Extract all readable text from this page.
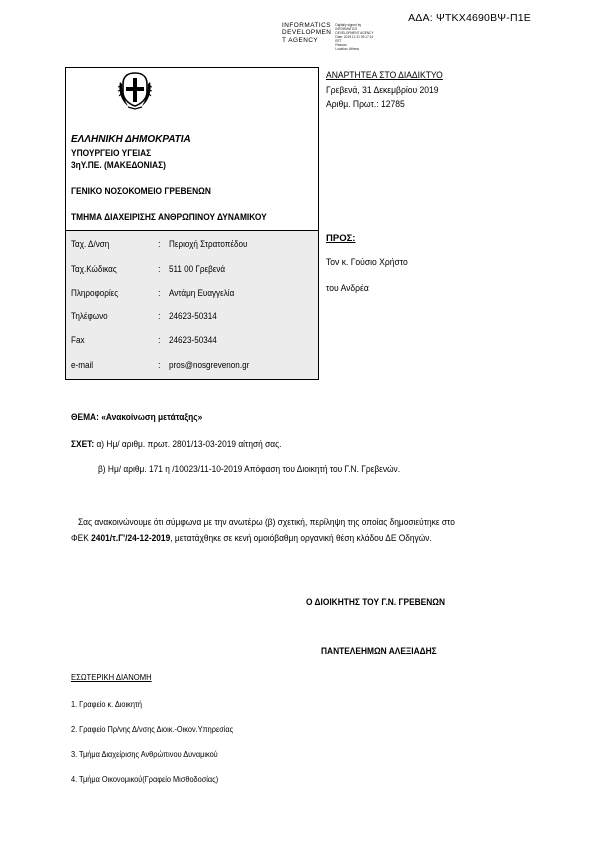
ΑΔΑ: ΨΤΚΧ4690ΒΨ-Π1Ε
INFORMATICS
DEVELOPMEN
T AGENCY
Digitally signed by
INFORMATICS
DEVELOPMENT AGENCY
Date: 2019.12.31 09:17:14
EET
Reason:
Location: Athens
ΕΛΛΗΝΙΚΗ ΔΗΜΟΚΡΑΤΙΑ
ΥΠΟΥΡΓΕΙΟ ΥΓΕΙΑΣ
3ηΥ.ΠΕ. (ΜΑΚΕΔΟΝΙΑΣ)
ΓΕΝΙΚΟ ΝΟΣΟΚΟΜΕΙΟ ΓΡΕΒΕΝΩΝ
ΤΜΗΜΑ ΔΙΑΧΕΙΡΙΣΗΣ ΑΝΘΡΩΠΙΝΟΥ ΔΥΝΑΜΙΚΟΥ
Ταχ. Δ/νση	: Περιοχή Στρατοπέδου
Ταχ.Κώδικας	: 511 00 Γρεβενά
Πληροφορίες	: Αντάμη Ευαγγελία
Τηλέφωνο	: 24623-50314
Fax	: 24623-50344
e-mail	: pros@nosgrevenon.gr
ΑΝΑΡΤΗΤΕΑ ΣΤΟ ΔΙΑΔΙΚΤΥΟ
Γρεβενά, 31 Δεκεμβρίου 2019
Αριθμ. Πρωτ.: 12785
ΠΡΟΣ:
Τον κ. Γούσιο Χρήστο
του Ανδρέα
ΘΕΜΑ: «Ανακοίνωση μετάταξης»
ΣΧΕΤ: α) Ημ/ αριθμ. πρωτ. 2801/13-03-2019 αίτησή σας.
β) Ημ/ αριθμ. 171 η /10023/11-10-2019 Απόφαση του Διοικητή του Γ.Ν. Γρεβενών.
Σας ανακοινώνουμε ότι σύμφωνα με την ανωτέρω (β) σχετική, περίληψη της οποίας δημοσιεύτηκε στο
ΦΕΚ 2401/τ.Γ'/24-12-2019, μετατάχθηκε σε κενή ομοιόβαθμη οργανική θέση κλάδου ΔΕ Οδηγών.
Ο ΔΙΟΙΚΗΤΗΣ ΤΟΥ Γ.Ν. ΓΡΕΒΕΝΩΝ
ΠΑΝΤΕΛΕΗΜΩΝ ΑΛΕΞΙΑΔΗΣ
ΕΣΩΤΕΡΙΚΗ ΔΙΑΝΟΜΗ
1. Γραφείο κ. Διοικητή
2. Γραφείο Πρ/νης Δ/νσης Διοικ.-Οικον.Υπηρεσίας
3. Τμήμα Διαχείρισης Ανθρώπινου Δυναμικού
4. Τμήμα Οικονομικού(Γραφείο Μισθοδοσίας)
